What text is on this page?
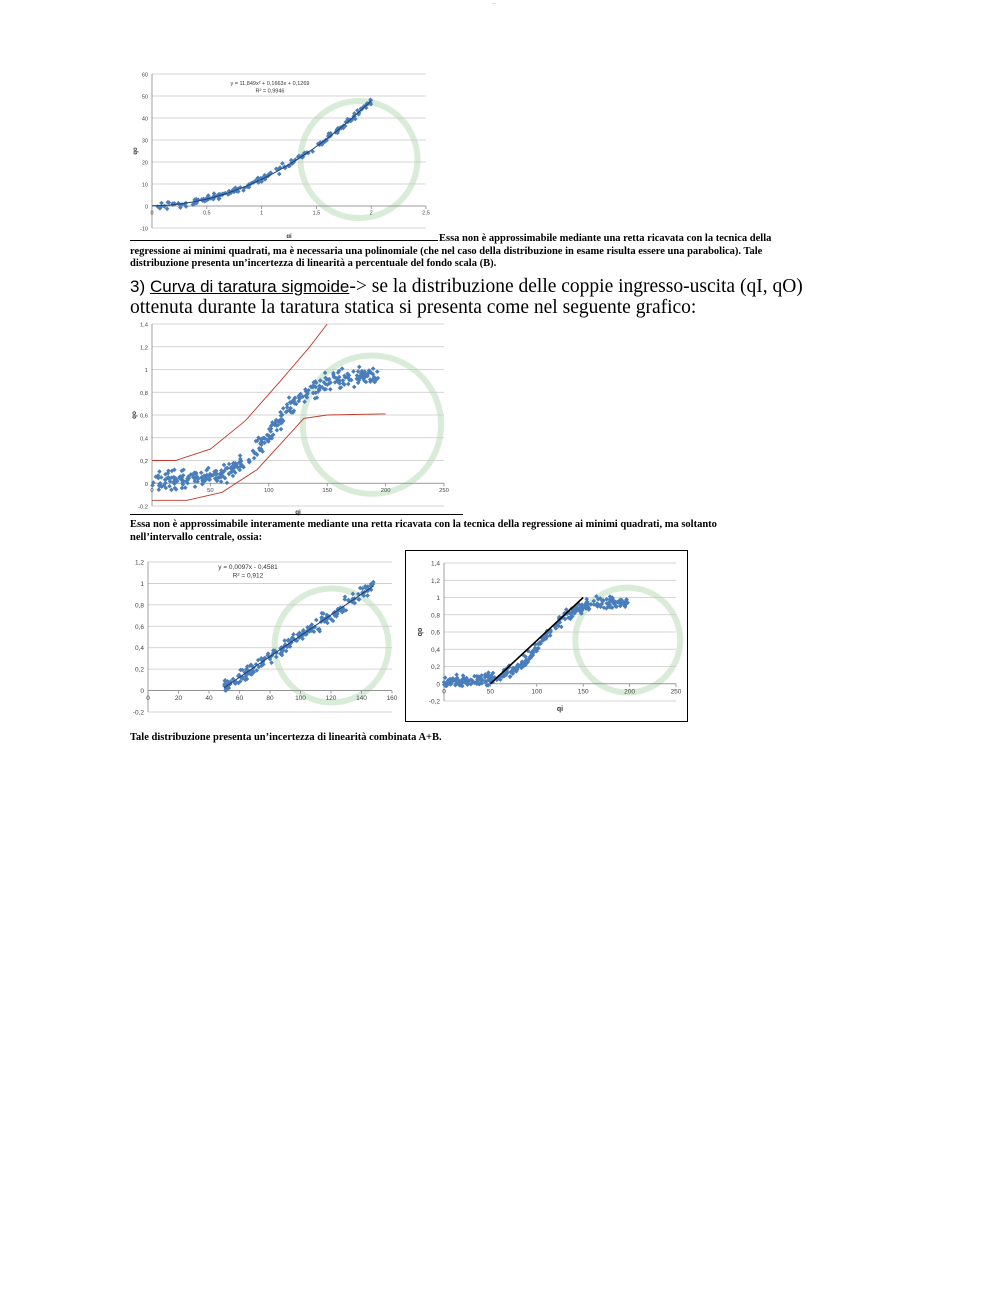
—
-10
0
10
20
30
40
50
60
0	0,5	1	1,5	2	2,5
qi
qo
y = 11,849x² + 0,1663x + 0,1269
R² = 0,9946
Essa non è approssimabile mediante una retta ricavata con la tecnica della
regressione ai minimi quadrati, ma è necessaria una polinomiale (che nel caso della distribuzione in esame risulta essere una parabolica). Tale
distribuzione presenta un’incertezza di linearità a percentuale del fondo scala (B).
3) Curva di taratura sigmoide-> se la distribuzione delle coppie ingresso-uscita (qI, qO)
ottenuta durante la taratura statica si presenta come nel seguente grafico:
-0,2
0
0,2
0,4
0,6
0,8
1
1,2
1,4
0	50	100	150	200	250
qi
qo
Essa non è approssimabile interamente mediante una retta ricavata con la tecnica della regressione ai minimi quadrati, ma soltanto
nell’intervallo centrale, ossia:
-0,2
0
0,2
0,4
0,6
0,8
1
1,2
0	20	40	60	80	100	120	140	160
y = 0,0097x - 0,4581
R² = 0,912
-0,2
0
0,2
0,4
0,6
0,8
1
1,2
1,4
0	50	100	150	200	250
qi
qo
Tale distribuzione presenta un’incertezza di linearità combinata A+B.
